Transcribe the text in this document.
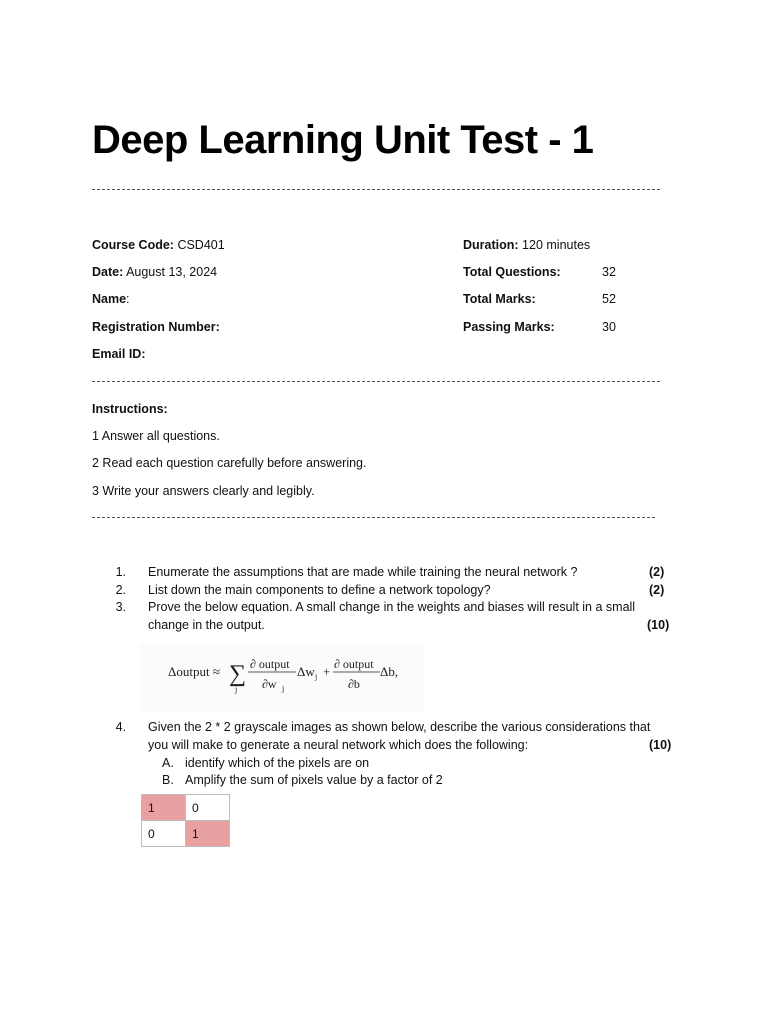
Deep Learning Unit Test - 1
Course Code: CSD401
Date: August 13, 2024
Name:
Registration Number:
Email ID:
Duration: 120 minutes
Total Questions:	32
Total Marks:	52
Passing Marks:	30
Instructions:
1 Answer all questions.
2 Read each question carefully before answering.
3 Write your answers clearly and legibly.
1. Enumerate the assumptions that are made while training the neural network ?	(2)
2. List down the main components to define a network topology?	(2)
3. Prove the below equation. A small change in the weights and biases will result in a small
change in the output.	(10)
Δoutput ≈ ∑
j
∂ output
∂w j
Δw j + ∂ output
∂b
Δb,
4. Given the 2 * 2 grayscale images as shown below, describe the various considerations that
you will make to generate a neural network which does the following:	(10)
A. identify which of the pixels are on
B. Amplify the sum of pixels value by a factor of 2
1	0
0	1
